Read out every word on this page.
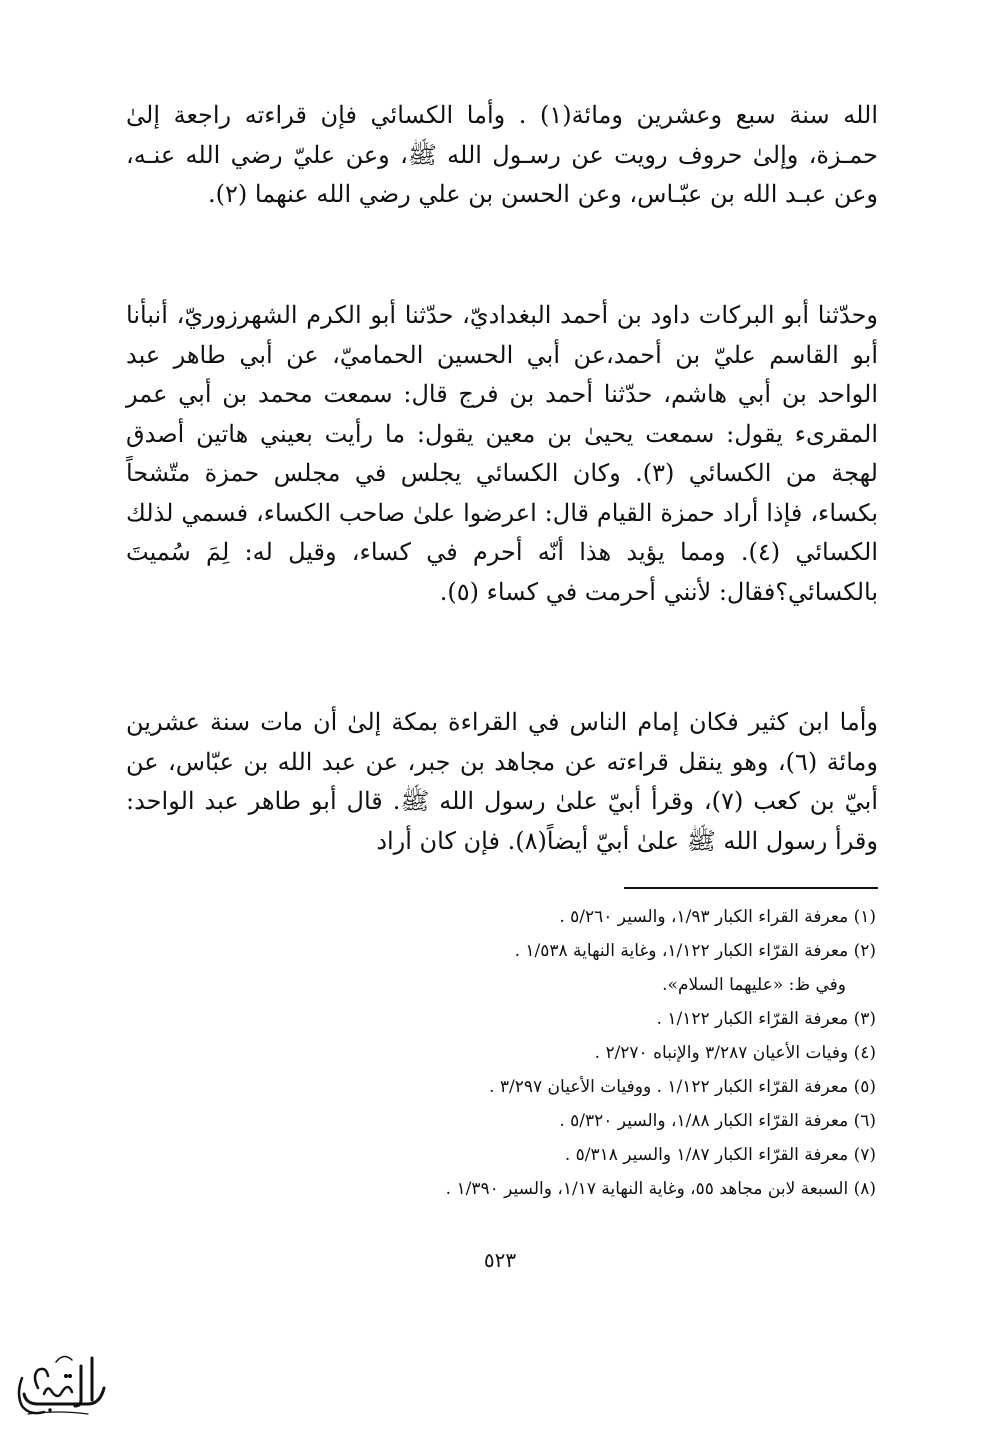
الله سنة سبع وعشرين ومائة(١) . وأما الكسائي فإن قراءته راجعة إلىٰ حمـزة، وإلىٰ حروف رويت عن رسـول الله ﷺ، وعن عليّ رضي الله عنـه، وعن عبـد الله بن عبّـاس، وعن الحسن بن علي رضي الله عنهما (٢).

وحدّثنا أبو البركات داود بن أحمد البغداديّ، حدّثنا أبو الكرم الشهرزوريّ، أنبأنا أبو القاسم عليّ بن أحمد،عن أبي الحسين الحماميّ، عن أبي طاهر عبد الواحد بن أبي هاشم، حدّثنا أحمد بن فرج قال: سمعت محمد بن أبي عمر المقرىء يقول: سمعت يحيىٰ بن معين يقول: ما رأيت بعيني هاتين أصدق لهجة من الكسائي (٣). وكان الكسائي يجلس في مجلس حمزة متّشحاً بكساء، فإذا أراد حمزة القيام قال: اعرضوا علىٰ صاحب الكساء، فسمي لذلك الكسائي (٤). ومما يؤيد هذا أنّه أحرم في كساء، وقيل له: لِمَ سُميتَ بالكسائي؟فقال: لأنني أحرمت في كساء (٥).

وأما ابن كثير فكان إمام الناس في القراءة بمكة إلىٰ أن مات سنة عشرين ومائة (٦)، وهو ينقل قراءته عن مجاهد بن جبر، عن عبد الله بن عبّاس، عن أبيّ بن كعب (٧)، وقرأ أبيّ علىٰ رسول الله ﷺ. قال أبو طاهر عبد الواحد: وقرأ رسول الله ﷺ علىٰ أبيّ أيضاً(٨). فإن كان أراد

(١) معرفة القراء الكبار ١/٩٣، والسير ٥/٢٦٠ .
(٢) معرفة القرّاء الكبار ١/١٢٢، وغاية النهاية ١/٥٣٨ .
وفي ظ: «عليهما السلام».
(٣) معرفة القرّاء الكبار ١/١٢٢ .
(٤) وفيات الأعيان ٣/٢٨٧ والإنباه ٢/٢٧٠ .
(٥) معرفة القرّاء الكبار ١/١٢٢ . ووفيات الأعيان ٣/٢٩٧ .
(٦) معرفة القرّاء الكبار ١/٨٨، والسير ٥/٣٢٠ .
(٧) معرفة القرّاء الكبار ١/٨٧ والسير ٥/٣١٨ .
(٨) السبعة لابن مجاهد ٥٥، وغاية النهاية ١/١٧، والسير ١/٣٩٠ .
٥٢٣
